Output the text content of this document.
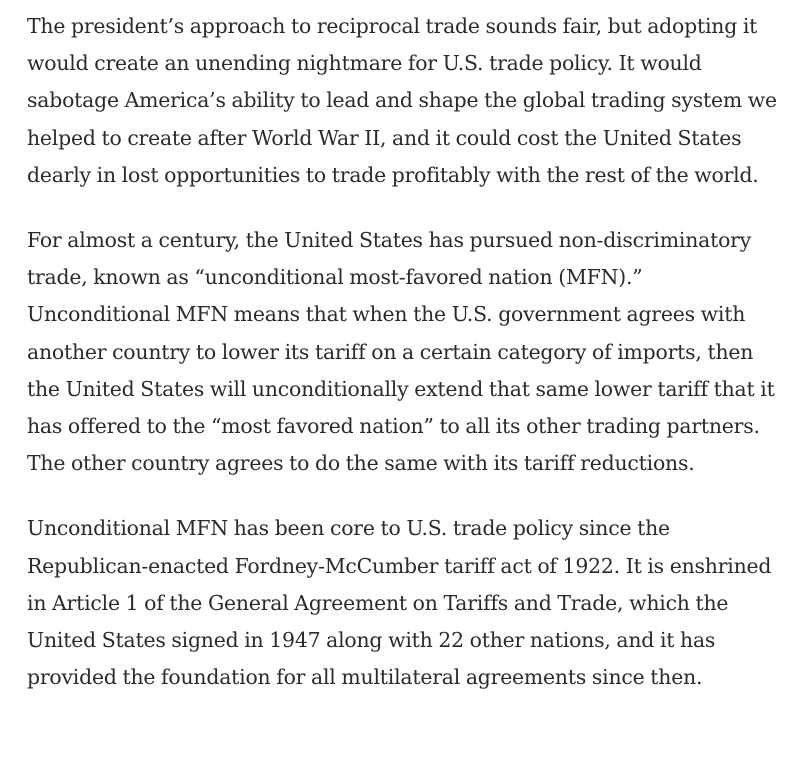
The president’s approach to reciprocal trade sounds fair, but adopting it would create an unending nightmare for U.S. trade policy. It would sabotage America’s ability to lead and shape the global trading system we helped to create after World War II, and it could cost the United States dearly in lost opportunities to trade profitably with the rest of the world.

For almost a century, the United States has pursued non-discriminatory trade, known as “unconditional most-favored nation (MFN).” Unconditional MFN means that when the U.S. government agrees with another country to lower its tariff on a certain category of imports, then the United States will unconditionally extend that same lower tariff that it has offered to the “most favored nation” to all its other trading partners. The other country agrees to do the same with its tariff reductions.

Unconditional MFN has been core to U.S. trade policy since the Republican-enacted Fordney-McCumber tariff act of 1922. It is enshrined in Article 1 of the General Agreement on Tariffs and Trade, which the United States signed in 1947 along with 22 other nations, and it has provided the foundation for all multilateral agreements since then.
